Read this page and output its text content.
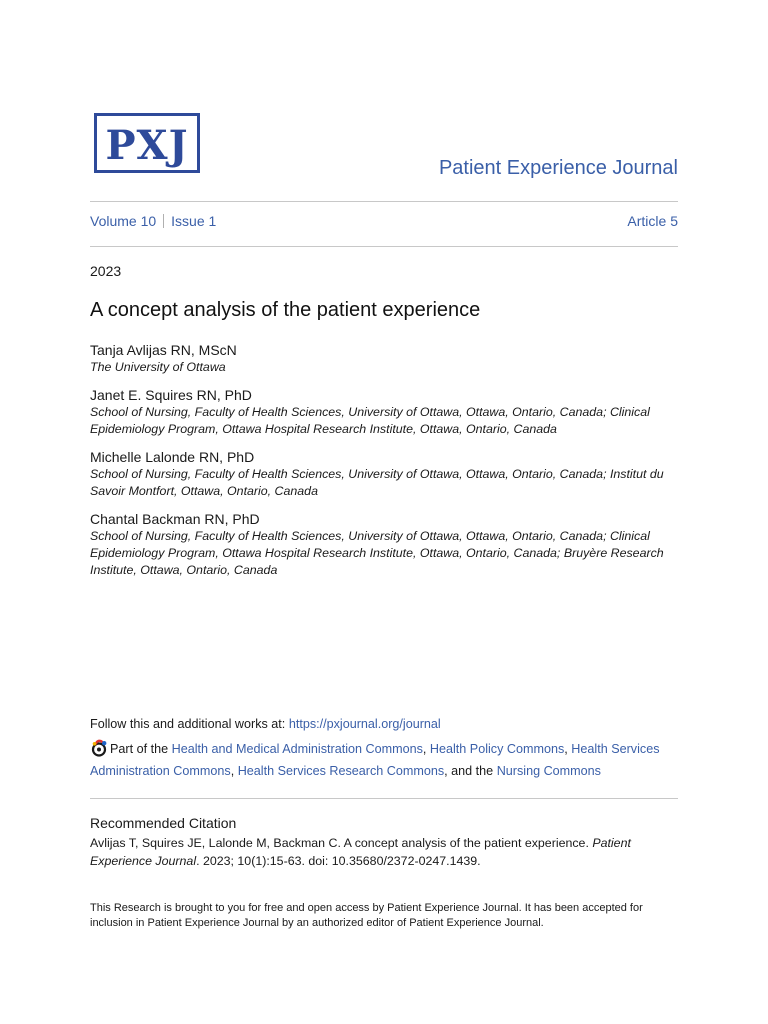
PXJ	Patient Experience Journal
Volume 10 Issue 1	Article 5
2023
A concept analysis of the patient experience
Tanja Avlijas RN, MScN
The University of Ottawa
Janet E. Squires RN, PhD
School of Nursing, Faculty of Health Sciences, University of Ottawa, Ottawa, Ontario, Canada; Clinical Epidemiology Program, Ottawa Hospital Research Institute, Ottawa, Ontario, Canada
Michelle Lalonde RN, PhD
School of Nursing, Faculty of Health Sciences, University of Ottawa, Ottawa, Ontario, Canada; Institut du Savoir Montfort, Ottawa, Ontario, Canada
Chantal Backman RN, PhD
School of Nursing, Faculty of Health Sciences, University of Ottawa, Ottawa, Ontario, Canada; Clinical Epidemiology Program, Ottawa Hospital Research Institute, Ottawa, Ontario, Canada; Bruyère Research Institute, Ottawa, Ontario, Canada
Follow this and additional works at: https://pxjournal.org/journal
Part of the Health and Medical Administration Commons, Health Policy Commons, Health Services Administration Commons, Health Services Research Commons, and the Nursing Commons
Recommended Citation
Avlijas T, Squires JE, Lalonde M, Backman C. A concept analysis of the patient experience. Patient Experience Journal. 2023; 10(1):15-63. doi: 10.35680/2372-0247.1439.
This Research is brought to you for free and open access by Patient Experience Journal. It has been accepted for inclusion in Patient Experience Journal by an authorized editor of Patient Experience Journal.
